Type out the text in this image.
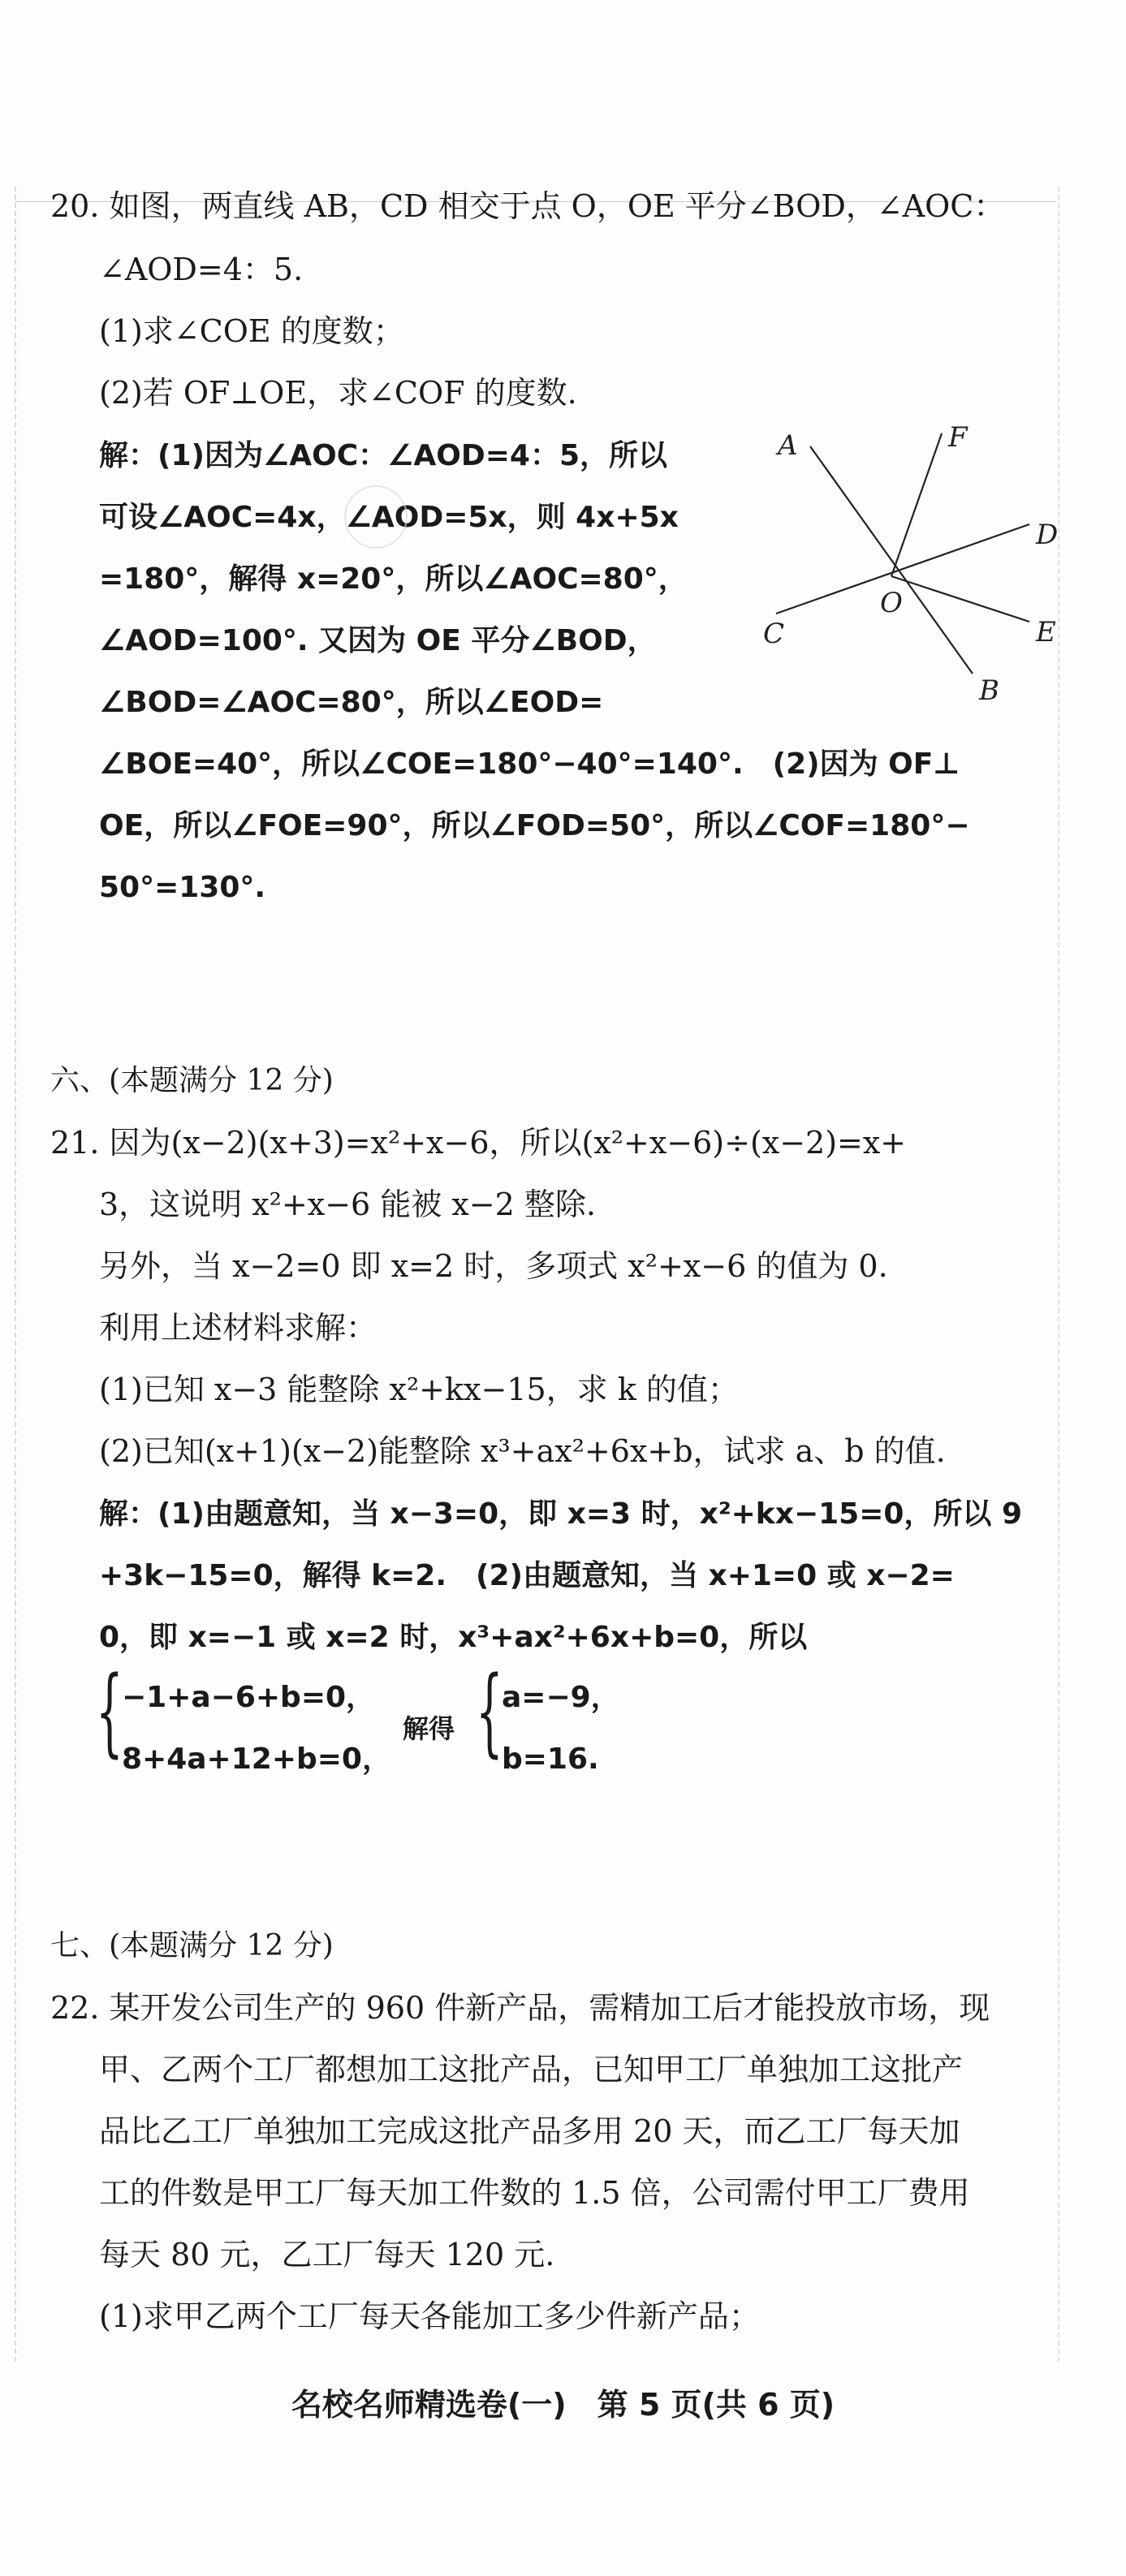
20. 如图，两直线 AB，CD 相交于点 O，OE 平分∠BOD，∠AOC：
∠AOD=4：5.
(1)求∠COE 的度数；
(2)若 OF⊥OE，求∠COF 的度数.
解：(1)因为∠AOC：∠AOD=4：5，所以
可设∠AOC=4x，∠AOD=5x，则 4x+5x
=180°，解得 x=20°，所以∠AOC=80°，
∠AOD=100°. 又因为 OE 平分∠BOD，
∠BOD=∠AOC=80°，所以∠EOD=
∠BOE=40°，所以∠COE=180°−40°=140°.　(2)因为 OF⊥
OE，所以∠FOE=90°，所以∠FOD=50°，所以∠COF=180°−
50°=130°.
A	F
D
O
E
C
B
六、(本题满分 12 分)
21. 因为(x−2)(x+3)=x²+x−6，所以(x²+x−6)÷(x−2)=x+
3，这说明 x²+x−6 能被 x−2 整除.
另外，当 x−2=0 即 x=2 时，多项式 x²+x−6 的值为 0.
利用上述材料求解：
(1)已知 x−3 能整除 x²+kx−15，求 k 的值；
(2)已知(x+1)(x−2)能整除 x³+ax²+6x+b，试求 a、b 的值.
解：(1)由题意知，当 x−3=0，即 x=3 时，x²+kx−15=0，所以 9
+3k−15=0，解得 k=2.　(2)由题意知，当 x+1=0 或 x−2=
0，即 x=−1 或 x=2 时，x³+ax²+6x+b=0，所以
{
−1+a−6+b=0，
8+4a+12+b=0，
解得 {
a=−9，
b=16.
七、(本题满分 12 分)
22. 某开发公司生产的 960 件新产品，需精加工后才能投放市场，现
甲、乙两个工厂都想加工这批产品，已知甲工厂单独加工这批产
品比乙工厂单独加工完成这批产品多用 20 天，而乙工厂每天加
工的件数是甲工厂每天加工件数的 1.5 倍，公司需付甲工厂费用
每天 80 元，乙工厂每天 120 元.
(1)求甲乙两个工厂每天各能加工多少件新产品；
名校名师精选卷(一)　第 5 页(共 6 页)
